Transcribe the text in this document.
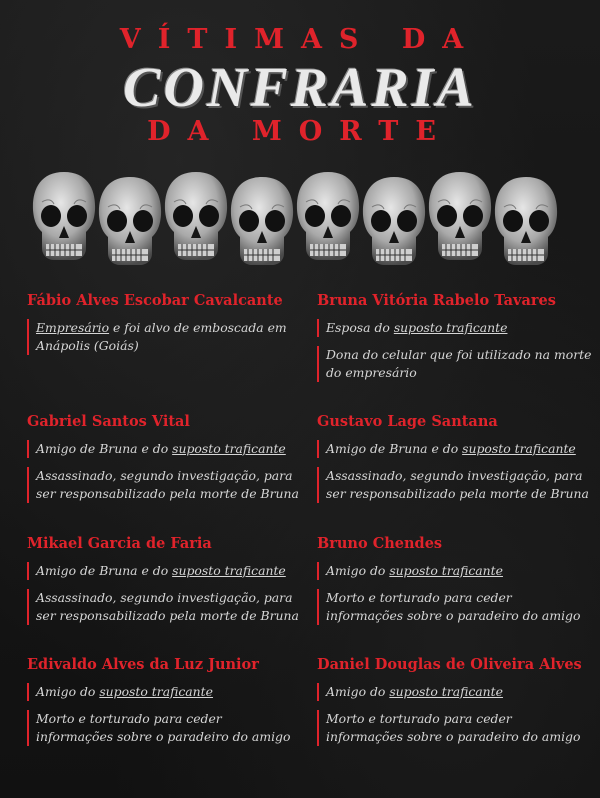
VÍTIMAS DA
CONFRARIA
DA MORTE
Fábio Alves Escobar Cavalcante
Empresário e foi alvo de emboscada em Anápolis (Goiás)
Bruna Vitória Rabelo Tavares
Esposa do suposto traficante
Dona do celular que foi utilizado na morte do empresário
Gabriel Santos Vital
Amigo de Bruna e do suposto traficante
Assassinado, segundo investigação, para ser responsabilizado pela morte de Bruna
Gustavo Lage Santana
Amigo de Bruna e do suposto traficante
Assassinado, segundo investigação, para ser responsabilizado pela morte de Bruna
Mikael Garcia de Faria
Amigo de Bruna e do suposto traficante
Assassinado, segundo investigação, para ser responsabilizado pela morte de Bruna
Bruno Chendes
Amigo do suposto traficante
Morto e torturado para ceder informações sobre o paradeiro do amigo
Edivaldo Alves da Luz Junior
Amigo do suposto traficante
Morto e torturado para ceder informações sobre o paradeiro do amigo
Daniel Douglas de Oliveira Alves
Amigo do suposto traficante
Morto e torturado para ceder informações sobre o paradeiro do amigo
